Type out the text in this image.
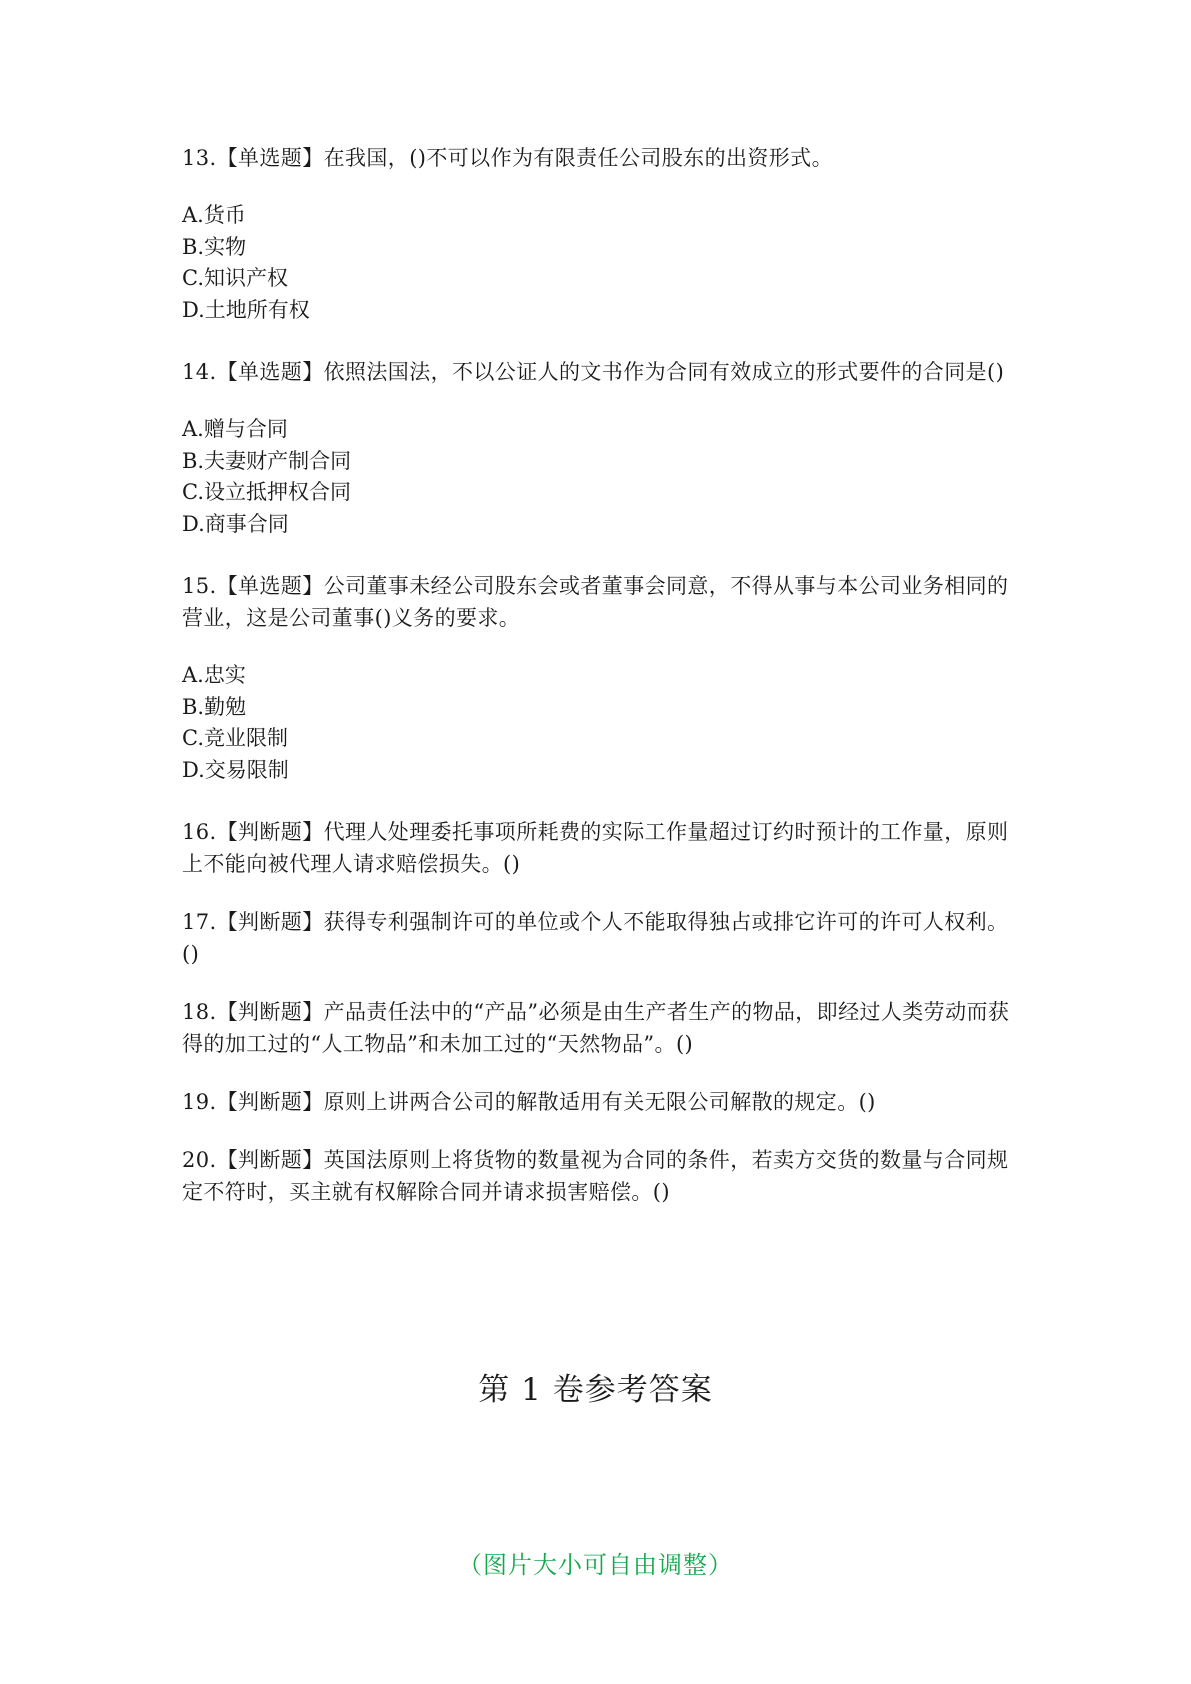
13.【单选题】在我国，()不可以作为有限责任公司股东的出资形式。

A.货币
B.实物
C.知识产权
D.土地所有权

14.【单选题】依照法国法，不以公证人的文书作为合同有效成立的形式要件的合同是()

A.赠与合同
B.夫妻财产制合同
C.设立抵押权合同
D.商事合同

15.【单选题】公司董事未经公司股东会或者董事会同意，不得从事与本公司业务相同的营业，这是公司董事()义务的要求。

A.忠实
B.勤勉
C.竞业限制
D.交易限制

16.【判断题】代理人处理委托事项所耗费的实际工作量超过订约时预计的工作量，原则上不能向被代理人请求赔偿损失。()

17.【判断题】获得专利强制许可的单位或个人不能取得独占或排它许可的许可人权利。()

18.【判断题】产品责任法中的“产品”必须是由生产者生产的物品，即经过人类劳动而获得的加工过的“人工物品”和未加工过的“天然物品”。()

19.【判断题】原则上讲两合公司的解散适用有关无限公司解散的规定。()

20.【判断题】英国法原则上将货物的数量视为合同的条件，若卖方交货的数量与合同规定不符时，买主就有权解除合同并请求损害赔偿。()

第 1 卷参考答案

（图片大小可自由调整）
